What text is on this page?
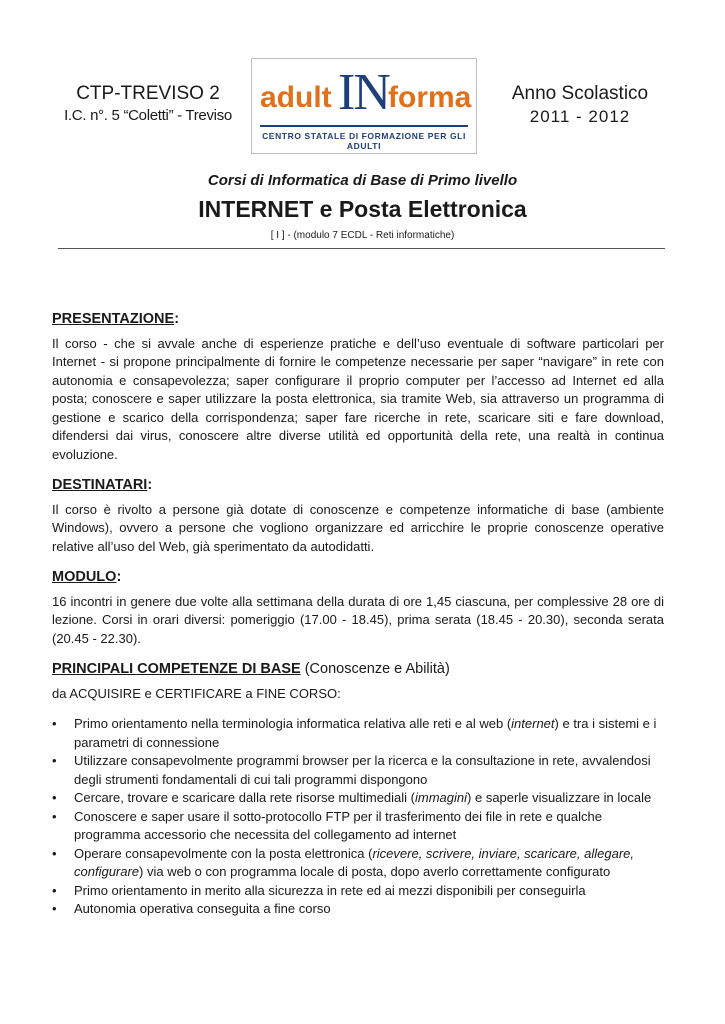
CTP-TREVISO 2
I.C. n°. 5 “Coletti” - Treviso
adult IN forma
CENTRO STATALE DI FORMAZIONE PER GLI ADULTI
Anno Scolastico
2011 - 2012
Corsi di Informatica di Base di Primo livello
INTERNET e Posta Elettronica
[ I ] - (modulo 7 ECDL - Reti informatiche)
PRESENTAZIONE:

Il corso - che si avvale anche di esperienze pratiche e dell’uso eventuale di software particolari per Internet - si propone principalmente di fornire le competenze necessarie per saper “navigare” in rete con autonomia e consapevolezza; saper configurare il proprio computer per l’accesso ad Internet ed alla posta; conoscere e saper utilizzare la posta elettronica, sia tramite Web, sia attraverso un programma di gestione e scarico della corrispondenza; saper fare ricerche in rete, scaricare siti e fare download, difendersi dai virus, conoscere altre diverse utilità ed opportunità della rete, una realtà in continua evoluzione.

DESTINATARI:

Il corso è rivolto a persone già dotate di conoscenze e competenze informatiche di base (ambiente Windows), ovvero a persone che vogliono organizzare ed arricchire le proprie conoscenze operative relative all’uso del Web, già sperimentato da autodidatti.

MODULO:

16 incontri in genere due volte alla settimana della durata di ore 1,45 ciascuna, per complessive 28 ore di lezione. Corsi in orari diversi: pomeriggio (17.00 - 18.45), prima serata (18.45 - 20.30), seconda serata (20.45 - 22.30).

PRINCIPALI COMPETENZE DI BASE (Conoscenze e Abilità)
da ACQUISIRE e CERTIFICARE a FINE CORSO:
• Primo orientamento nella terminologia informatica relativa alle reti e al web (internet) e tra i sistemi e i parametri di connessione
• Utilizzare consapevolmente programmi browser per la ricerca e la consultazione in rete, avvalendosi degli strumenti fondamentali di cui tali programmi dispongono
• Cercare, trovare e scaricare dalla rete risorse multimediali (immagini) e saperle visualizzare in locale
• Conoscere e saper usare il sotto-protocollo FTP per il trasferimento dei file in rete e qualche programma accessorio che necessita del collegamento ad internet
• Operare consapevolmente con la posta elettronica (ricevere, scrivere, inviare, scaricare, allegare, configurare) via web o con programma locale di posta, dopo averlo correttamente configurato
• Primo orientamento in merito alla sicurezza in rete ed ai mezzi disponibili per conseguirla
• Autonomia operativa conseguita a fine corso
